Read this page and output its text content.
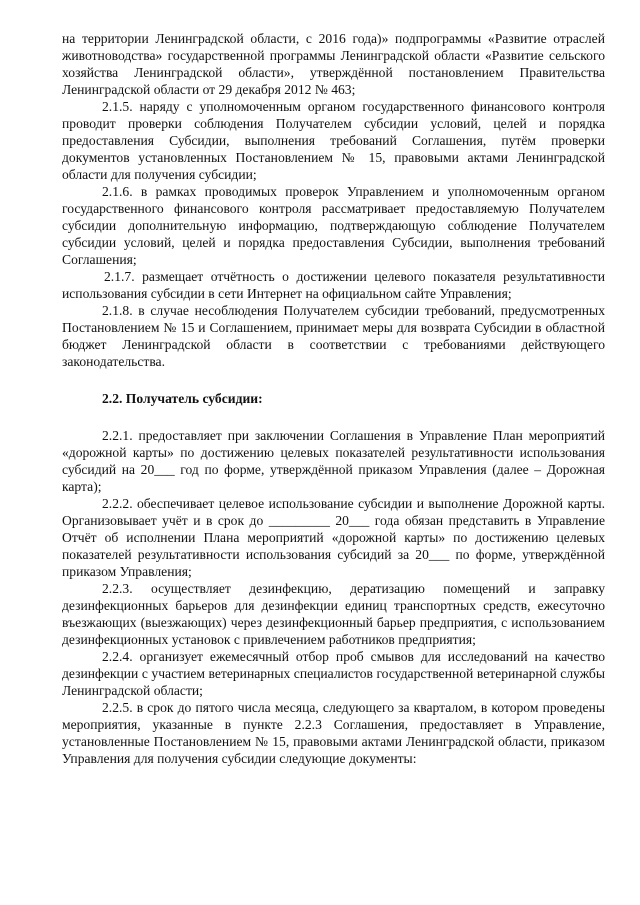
на территории Ленинградской области, с 2016 года)» подпрограммы «Развитие отраслей животноводства» государственной программы Ленинградской области «Развитие сельского хозяйства Ленинградской области», утверждённой постановлением Правительства Ленинградской области от 29 декабря 2012 № 463;

2.1.5. наряду с уполномоченным органом государственного финансового контроля проводит проверки соблюдения Получателем субсидии условий, целей и порядка предоставления Субсидии, выполнения требований Соглашения, путём проверки документов установленных Постановлением № 15, правовыми актами Ленинградской области для получения субсидии;

2.1.6. в рамках проводимых проверок Управлением и уполномоченным органом государственного финансового контроля рассматривает предоставляемую Получателем субсидии дополнительную информацию, подтверждающую соблюдение Получателем субсидии условий, целей и порядка предоставления Субсидии, выполнения требований Соглашения;

2.1.7. размещает отчётность о достижении целевого показателя результативности использования субсидии в сети Интернет на официальном сайте Управления;

2.1.8. в случае несоблюдения Получателем субсидии требований, предусмотренных Постановлением № 15 и Соглашением, принимает меры для возврата Субсидии в областной бюджет Ленинградской области в соответствии с требованиями действующего законодательства.

2.2. Получатель субсидии:

2.2.1. предоставляет при заключении Соглашения в Управление План мероприятий «дорожной карты» по достижению целевых показателей результативности использования субсидий на 20___ год по форме, утверждённой приказом Управления (далее – Дорожная карта);

2.2.2. обеспечивает целевое использование субсидии и выполнение Дорожной карты. Организовывает учёт и в срок до _________ 20___ года обязан представить в Управление Отчёт об исполнении Плана мероприятий «дорожной карты» по достижению целевых показателей результативности использования субсидий за 20___ по форме, утверждённой приказом Управления;

2.2.3. осуществляет дезинфекцию, дератизацию помещений и заправку дезинфекционных барьеров для дезинфекции единиц транспортных средств, ежесуточно въезжающих (выезжающих) через дезинфекционный барьер предприятия, с использованием дезинфекционных установок с привлечением работников предприятия;

2.2.4. организует ежемесячный отбор проб смывов для исследований на качество дезинфекции с участием ветеринарных специалистов государственной ветеринарной службы Ленинградской области;

2.2.5. в срок до пятого числа месяца, следующего за кварталом, в котором проведены мероприятия, указанные в пункте 2.2.3 Соглашения, предоставляет в Управление, установленные Постановлением № 15, правовыми актами Ленинградской области, приказом Управления для получения субсидии следующие документы:
